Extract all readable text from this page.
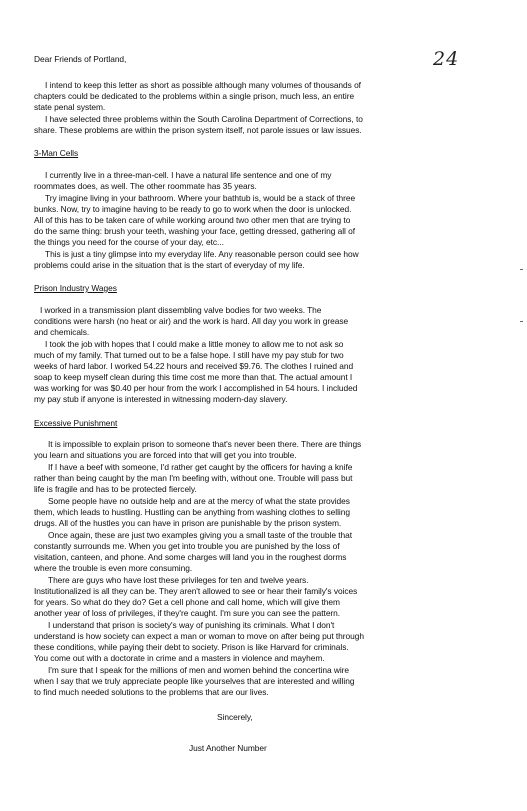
24
Dear Friends of Portland,
I intend to keep this letter as short as possible although many volumes of thousands of
chapters could be dedicated to the problems within a single prison, much less, an entire
state penal system.
I have selected three problems within the South Carolina Department of Corrections, to
share. These problems are within the prison system itself, not parole issues or law issues.
3-Man Cells
I currently live in a three-man-cell. I have a natural life sentence and one of my
roommates does, as well. The other roommate has 35 years.
Try imagine living in your bathroom. Where your bathtub is, would be a stack of three
bunks. Now, try to imagine having to be ready to go to work when the door is unlocked.
All of this has to be taken care of while working around two other men that are trying to
do the same thing: brush your teeth, washing your face, getting dressed, gathering all of
the things you need for the course of your day, etc...
This is just a tiny glimpse into my everyday life. Any reasonable person could see how
problems could arise in the situation that is the start of everyday of my life.
Prison Industry Wages
I worked in a transmission plant dissembling valve bodies for two weeks. The
conditions were harsh (no heat or air) and the work is hard. All day you work in grease
and chemicals.
I took the job with hopes that I could make a little money to allow me to not ask so
much of my family. That turned out to be a false hope. I still have my pay stub for two
weeks of hard labor. I worked 54.22 hours and received $9.76. The clothes I ruined and
soap to keep myself clean during this time cost me more than that. The actual amount I
was working for was $0.40 per hour from the work I accomplished in 54 hours. I included
my pay stub if anyone is interested in witnessing modern-day slavery.
Excessive Punishment
It is impossible to explain prison to someone that's never been there. There are things
you learn and situations you are forced into that will get you into trouble.
If I have a beef with someone, I'd rather get caught by the officers for having a knife
rather than being caught by the man I'm beefing with, without one. Trouble will pass but
life is fragile and has to be protected fiercely.
Some people have no outside help and are at the mercy of what the state provides
them, which leads to hustling. Hustling can be anything from washing clothes to selling
drugs. All of the hustles you can have in prison are punishable by the prison system.
Once again, these are just two examples giving you a small taste of the trouble that
constantly surrounds me. When you get into trouble you are punished by the loss of
visitation, canteen, and phone. And some charges will land you in the roughest dorms
where the trouble is even more consuming.
There are guys who have lost these privileges for ten and twelve years.
Institutionalized is all they can be. They aren't allowed to see or hear their family's voices
for years. So what do they do? Get a cell phone and call home, which will give them
another year of loss of privileges, if they're caught. I'm sure you can see the pattern.
I understand that prison is society's way of punishing its criminals. What I don't
understand is how society can expect a man or woman to move on after being put through
these conditions, while paying their debt to society. Prison is like Harvard for criminals.
You come out with a doctorate in crime and a masters in violence and mayhem.
I'm sure that I speak for the millions of men and women behind the concertina wire
when I say that we truly appreciate people like yourselves that are interested and willing
to find much needed solutions to the problems that are our lives.
Sincerely,
Just Another Number
